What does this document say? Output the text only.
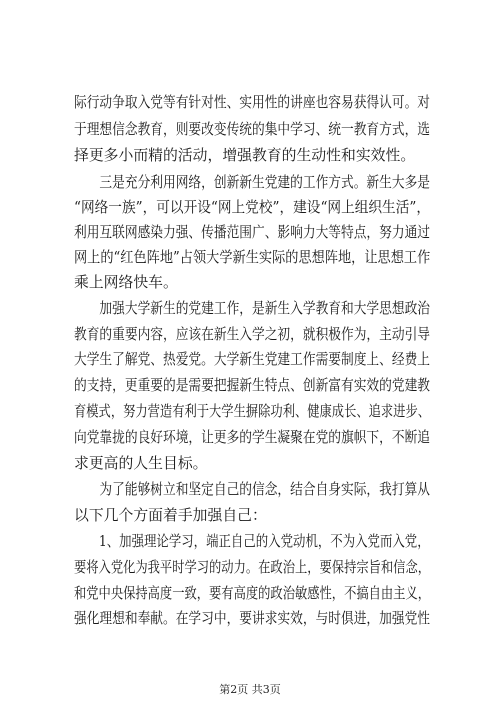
际行动争取入党等有针对性、实用性的讲座也容易获得认可。对
于理想信念教育，则要改变传统的集中学习、统一教育方式，选
择更多小而精的活动，增强教育的生动性和实效性。
　　三是充分利用网络，创新新生党建的工作方式。新生大多是
“网络一族”，可以开设“网上党校”，建设“网上组织生活”，
利用互联网感染力强、传播范围广、影响力大等特点，努力通过
网上的“红色阵地”占领大学新生实际的思想阵地，让思想工作
乘上网络快车。
　　加强大学新生的党建工作，是新生入学教育和大学思想政治
教育的重要内容，应该在新生入学之初，就积极作为，主动引导
大学生了解党、热爱党。大学新生党建工作需要制度上、经费上
的支持，更重要的是需要把握新生特点、创新富有实效的党建教
育模式，努力营造有利于大学生摒除功利、健康成长、追求进步、
向党靠拢的良好环境，让更多的学生凝聚在党的旗帜下，不断追
求更高的人生目标。
　　为了能够树立和坚定自己的信念，结合自身实际，我打算从
以下几个方面着手加强自己：
　　1、加强理论学习，端正自己的入党动机，不为入党而入党，
要将入党化为我平时学习的动力。在政治上，要保持宗旨和信念，
和党中央保持高度一致，要有高度的政治敏感性，不搞自由主义，
强化理想和奉献。在学习中，要讲求实效，与时俱进，加强党性
第2页 共3页
